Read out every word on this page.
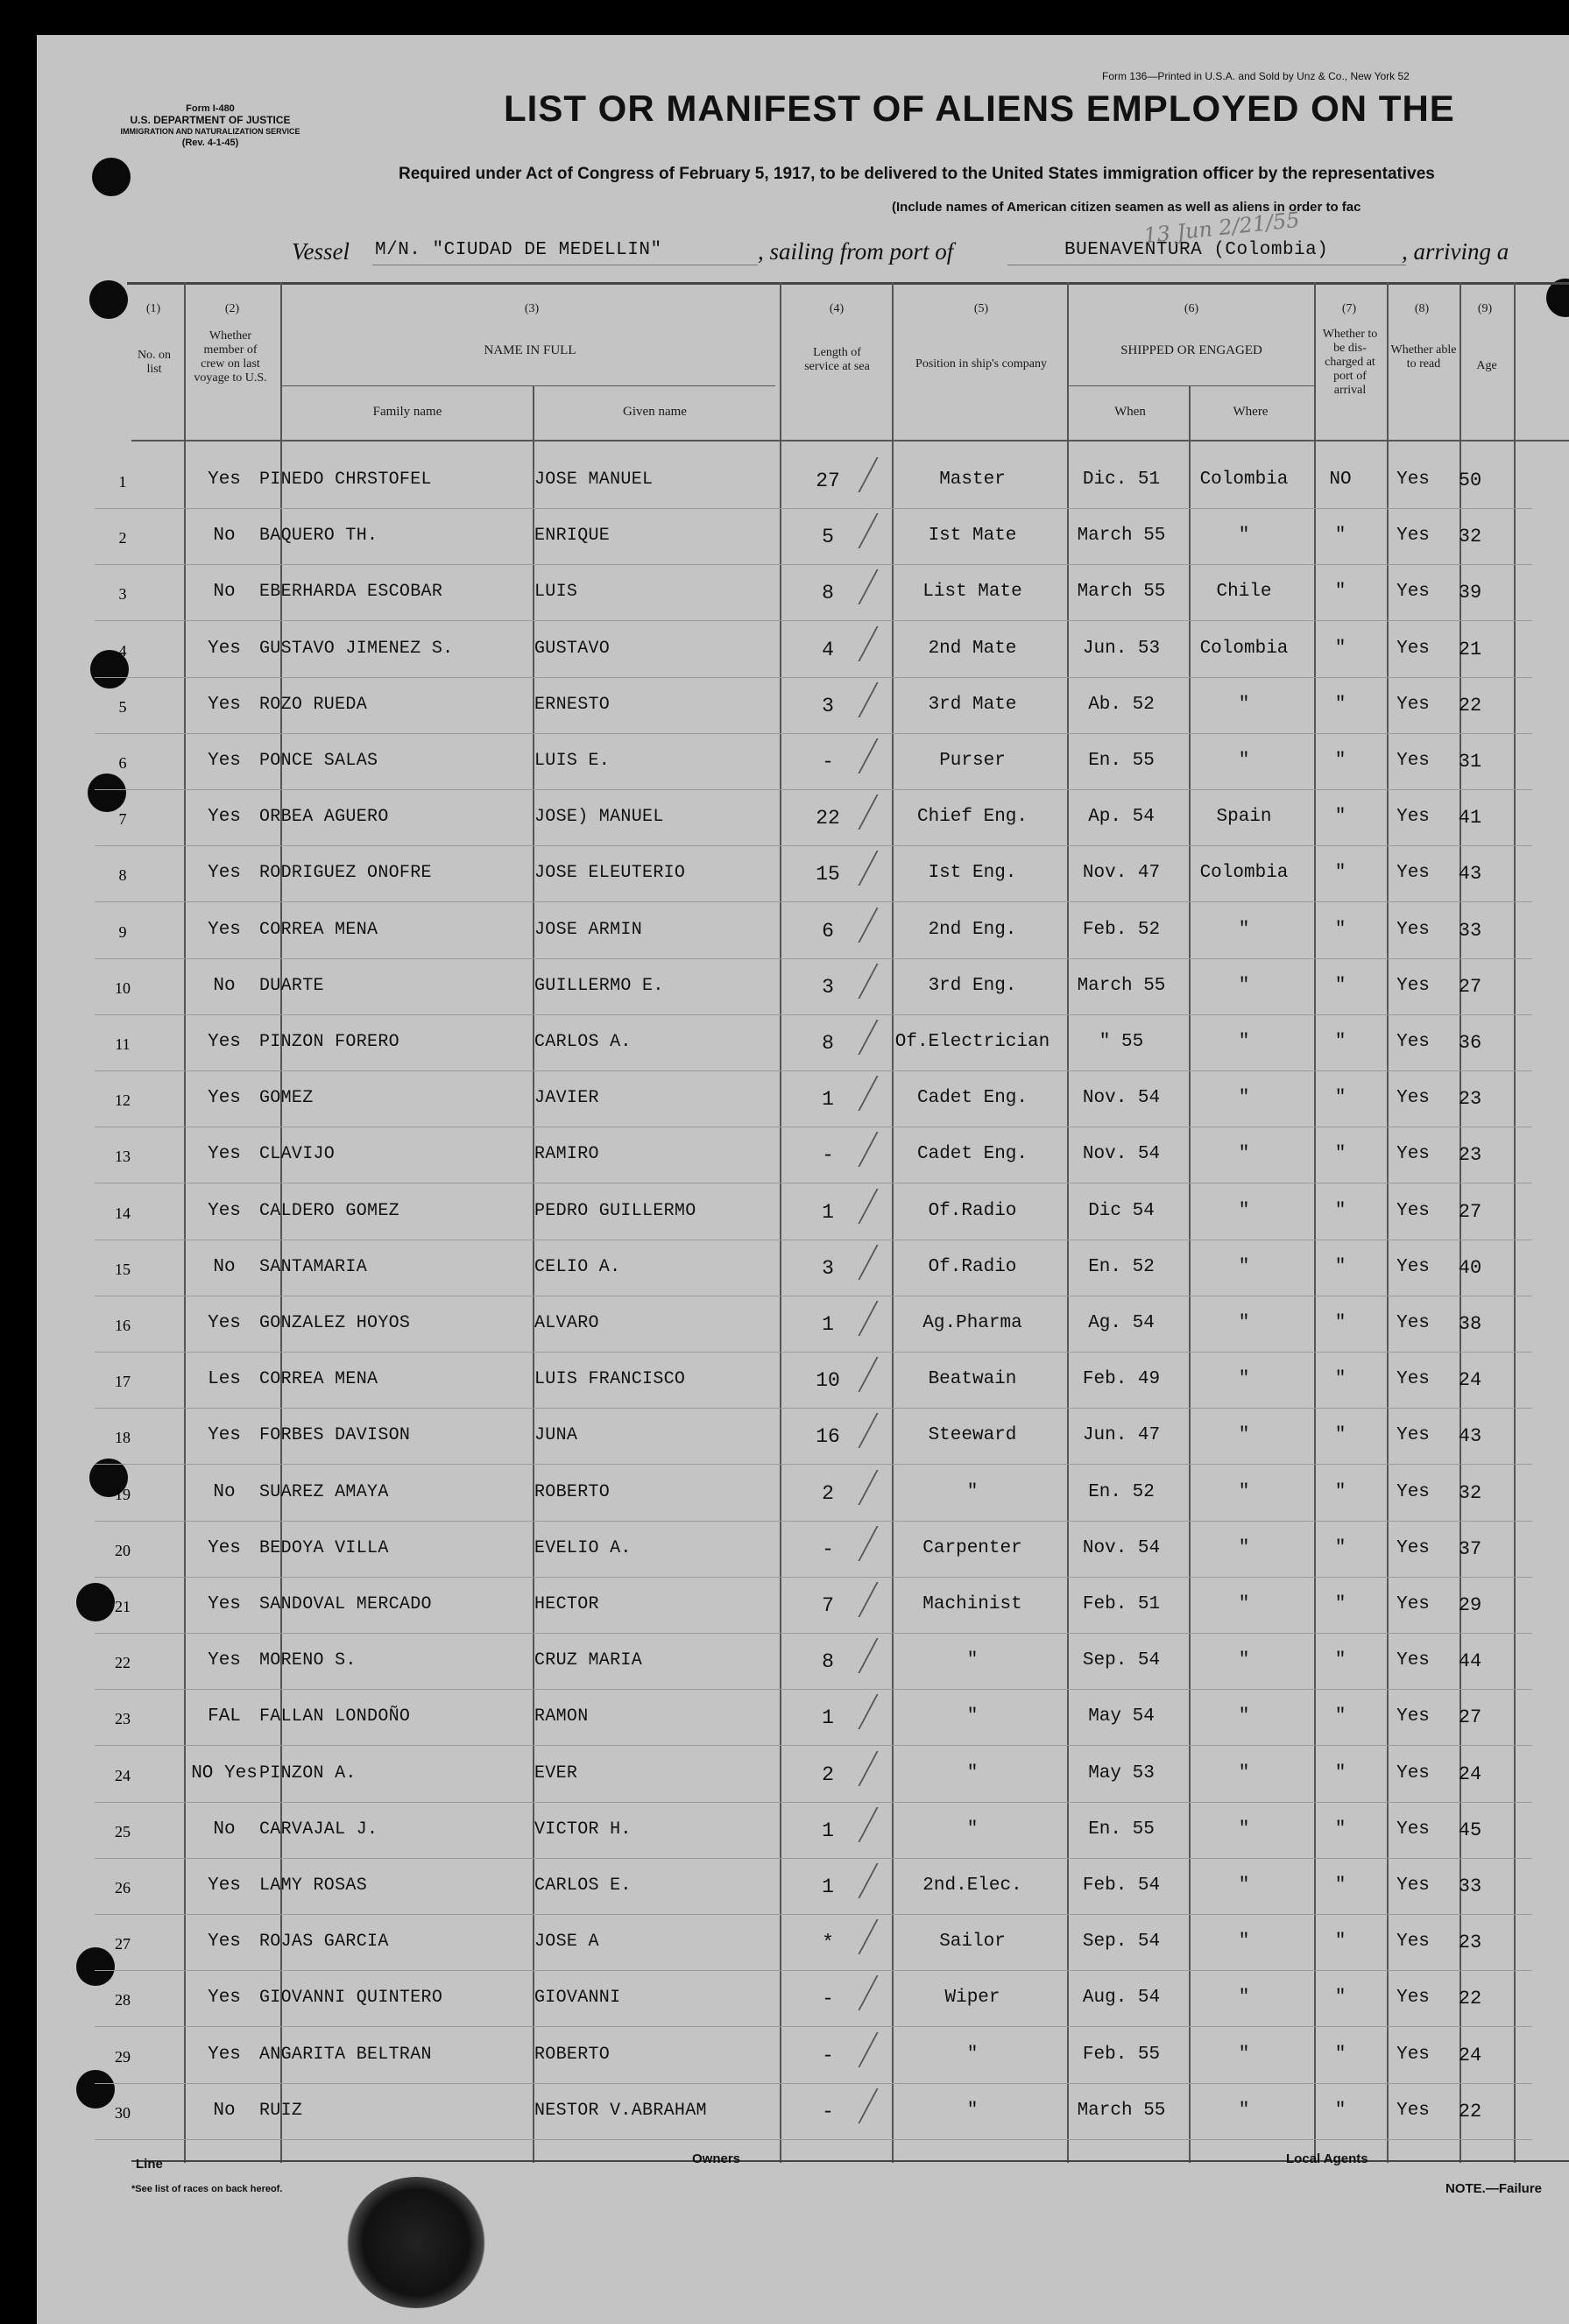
Form I-480
U.S. DEPARTMENT OF JUSTICE
IMMIGRATION AND NATURALIZATION SERVICE
(Rev. 4-1-45)
Form 136—Printed in U.S.A. and Sold by Unz & Co., New York 52
LIST OR MANIFEST OF ALIENS EMPLOYED ON THE
Required under Act of Congress of February 5, 1917, to be delivered to the United States immigration officer by the representatives
(Include names of American citizen seamen as well as aliens in order to fac
Vessel M/N. "CIUDAD DE MEDELLIN"	, sailing from port of	BUENAVENTURA (Colombia)
13 Jun 2/21/55
, arriving a
(1)
No. on list
(2)
Whether member of crew on last voyage to U.S.
(3)
NAME IN FULL
Family name	Given name
(4)
Length of service at sea
(5)
Position in ship's company
(6)
SHIPPED OR ENGAGED
When	Where
(7)
Whether to be dis-charged at port of arrival
(8)
Whether able to read
(9)
Age
1	Yes	PINEDO CHRSTOFEL	JOSE MANUEL	27	Master	Dic. 51	Colombia	NO	Yes	50
2	No	BAQUERO TH.	ENRIQUE	5	Ist Mate	March 55	"	"	Yes	32
3	No	EBERHARDA ESCOBAR	LUIS	8	List Mate	March 55	Chile	"	Yes	39
4	Yes	GUSTAVO JIMENEZ S.	GUSTAVO	4	2nd Mate	Jun. 53	Colombia	"	Yes	21
5	Yes	ROZO RUEDA	ERNESTO	3	3rd Mate	Ab. 52	"	"	Yes	22
6	Yes	PONCE SALAS	LUIS E.	-	Purser	En. 55	"	"	Yes	31
7	Yes	ORBEA AGUERO	JOSE) MANUEL	22	Chief Eng.	Ap. 54	Spain	"	Yes	41
8	Yes	RODRIGUEZ ONOFRE	JOSE ELEUTERIO	15	Ist Eng.	Nov. 47	Colombia	"	Yes	43
9	Yes	CORREA MENA	JOSE ARMIN	6	2nd Eng.	Feb. 52	"	"	Yes	33
10	No	DUARTE	GUILLERMO E.	3	3rd Eng.	March 55	"	"	Yes	27
11	Yes	PINZON FORERO	CARLOS A.	8	Of.Electrician	" 55	"	"	Yes	36
12	Yes	GOMEZ	JAVIER	1	Cadet Eng.	Nov. 54	"	"	Yes	23
13	Yes	CLAVIJO	RAMIRO	-	Cadet Eng.	Nov. 54	"	"	Yes	23
14	Yes	CALDERO GOMEZ	PEDRO GUILLERMO	1	Of.Radio	Dic 54	"	"	Yes	27
15	No	SANTAMARIA	CELIO A.	3	Of.Radio	En. 52	"	"	Yes	40
16	Yes	GONZALEZ HOYOS	ALVARO	1	Ag.Pharma	Ag. 54	"	"	Yes	38
17	Les	CORREA MENA	LUIS FRANCISCO	10	Beatwain	Feb. 49	"	"	Yes	24
18	Yes	FORBES DAVISON	JUNA	16	Steeward	Jun. 47	"	"	Yes	43
19	No	SUAREZ AMAYA	ROBERTO	2	"	En. 52	"	"	Yes	32
20	Yes	BEDOYA VILLA	EVELIO A.	-	Carpenter	Nov. 54	"	"	Yes	37
21	Yes	SANDOVAL MERCADO	HECTOR	7	Machinist	Feb. 51	"	"	Yes	29
22	Yes	MORENO S.	CRUZ MARIA	8	"	Sep. 54	"	"	Yes	44
23	FAL	FALLAN LONDOÑO	RAMON	1	"	May 54	"	"	Yes	27
24	NO Yes PINZON A.	EVER	2	"	May 53	"	"	Yes	24
25	No	CARVAJAL J.	VICTOR H.	1	"	En. 55	"	"	Yes	45
26	Yes	LAMY ROSAS	CARLOS E.	1	2nd.Elec.	Feb. 54	"	"	Yes	33
27	Yes	ROJAS GARCIA	JOSE A	*	Sailor	Sep. 54	"	"	Yes	23
28	Yes	GIOVANNI QUINTERO	GIOVANNI	-	Wiper	Aug. 54	"	"	Yes	22
29	Yes	ANGARITA BELTRAN	ROBERTO	-	"	Feb. 55	"	"	Yes	24
30	No	RUIZ	NESTOR V.ABRAHAM	-	"	March 55	"	"	Yes	22
Line	Owners	Local Agents
*See list of races on back hereof.	NOTE.—Failure
